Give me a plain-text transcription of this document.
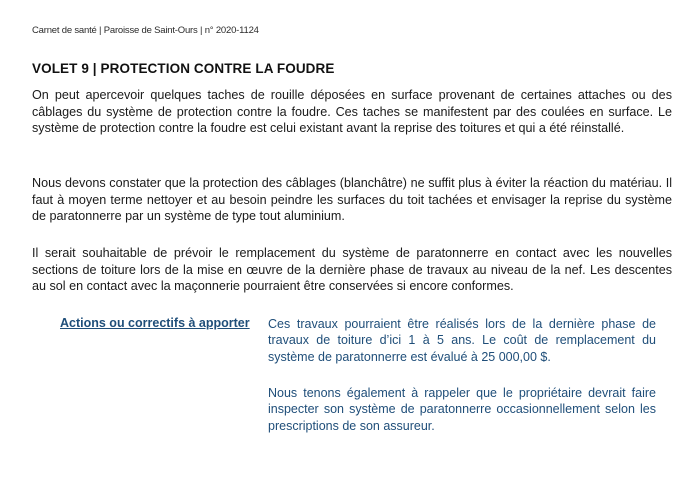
Carnet de santé | Paroisse de Saint-Ours | n° 2020-1124
VOLET 9 | PROTECTION CONTRE LA FOUDRE
On peut apercevoir quelques taches de rouille déposées en surface provenant de certaines attaches ou des câblages du système de protection contre la foudre. Ces taches se manifestent par des coulées en surface. Le système de protection contre la foudre est celui existant avant la reprise des toitures et qui a été réinstallé.
Nous devons constater que la protection des câblages (blanchâtre) ne suffit plus à éviter la réaction du matériau. Il faut à moyen terme nettoyer et au besoin peindre les surfaces du toit tachées et envisager la reprise du système de paratonnerre par un système de type tout aluminium.
Il serait souhaitable de prévoir le remplacement du système de paratonnerre en contact avec les nouvelles sections de toiture lors de la mise en œuvre de la dernière phase de travaux au niveau de la nef. Les descentes au sol en contact avec la maçonnerie pourraient être conservées si encore conformes.
Actions ou correctifs à apporter Ces travaux pourraient être réalisés lors de la dernière phase de travaux de toiture d’ici 1 à 5 ans. Le coût de remplacement du système de paratonnerre est évalué à 25 000,00 $.
Nous tenons également à rappeler que le propriétaire devrait faire inspecter son système de paratonnerre occasionnellement selon les prescriptions de son assureur.
